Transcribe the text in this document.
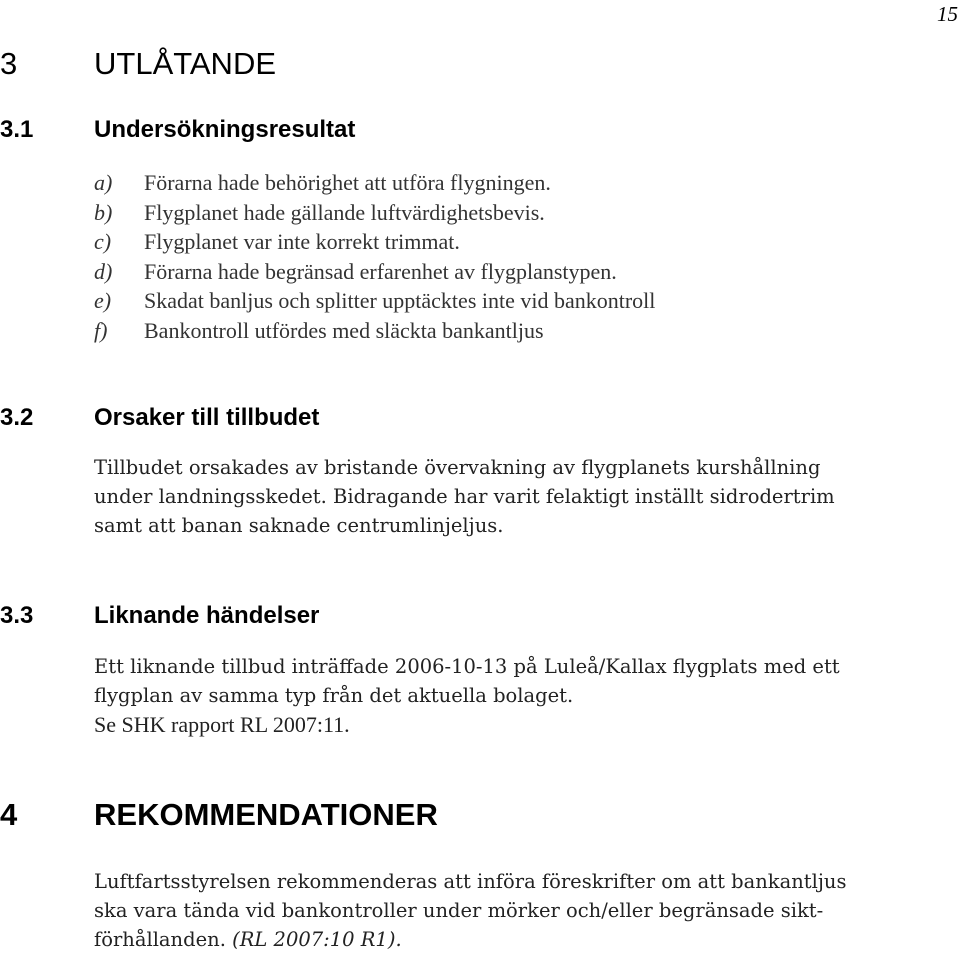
15
3 UTLÅTANDE
3.1	Undersökningsresultat
a) Förarna hade behörighet att utföra flygningen.
b) Flygplanet hade gällande luftvärdighetsbevis.
c) Flygplanet var inte korrekt trimmat.
d) Förarna hade begränsad erfarenhet av flygplanstypen.
e) Skadat banljus och splitter upptäcktes inte vid bankontroll
f) Bankontroll utfördes med släckta bankantljus
3.2	Orsaker till tillbudet

Tillbudet orsakades av bristande övervakning av flygplanets kurshållning

under landningsskedet. Bidragande har varit felaktigt inställt sidrodertrim

samt att banan saknade centrumlinjeljus.

3.3	Liknande händelser

Ett liknande tillbud inträffade 2006-10-13 på Luleå/Kallax flygplats med ett

flygplan av samma typ från det aktuella bolaget.

Se SHK rapport RL 2007:11.

4 REKOMMENDATIONER

Luftfartsstyrelsen rekommenderas att införa föreskrifter om att bankantljus

ska vara tända vid bankontroller under mörker och/eller begränsade sikt-

förhållanden. (RL 2007:10 R1).
